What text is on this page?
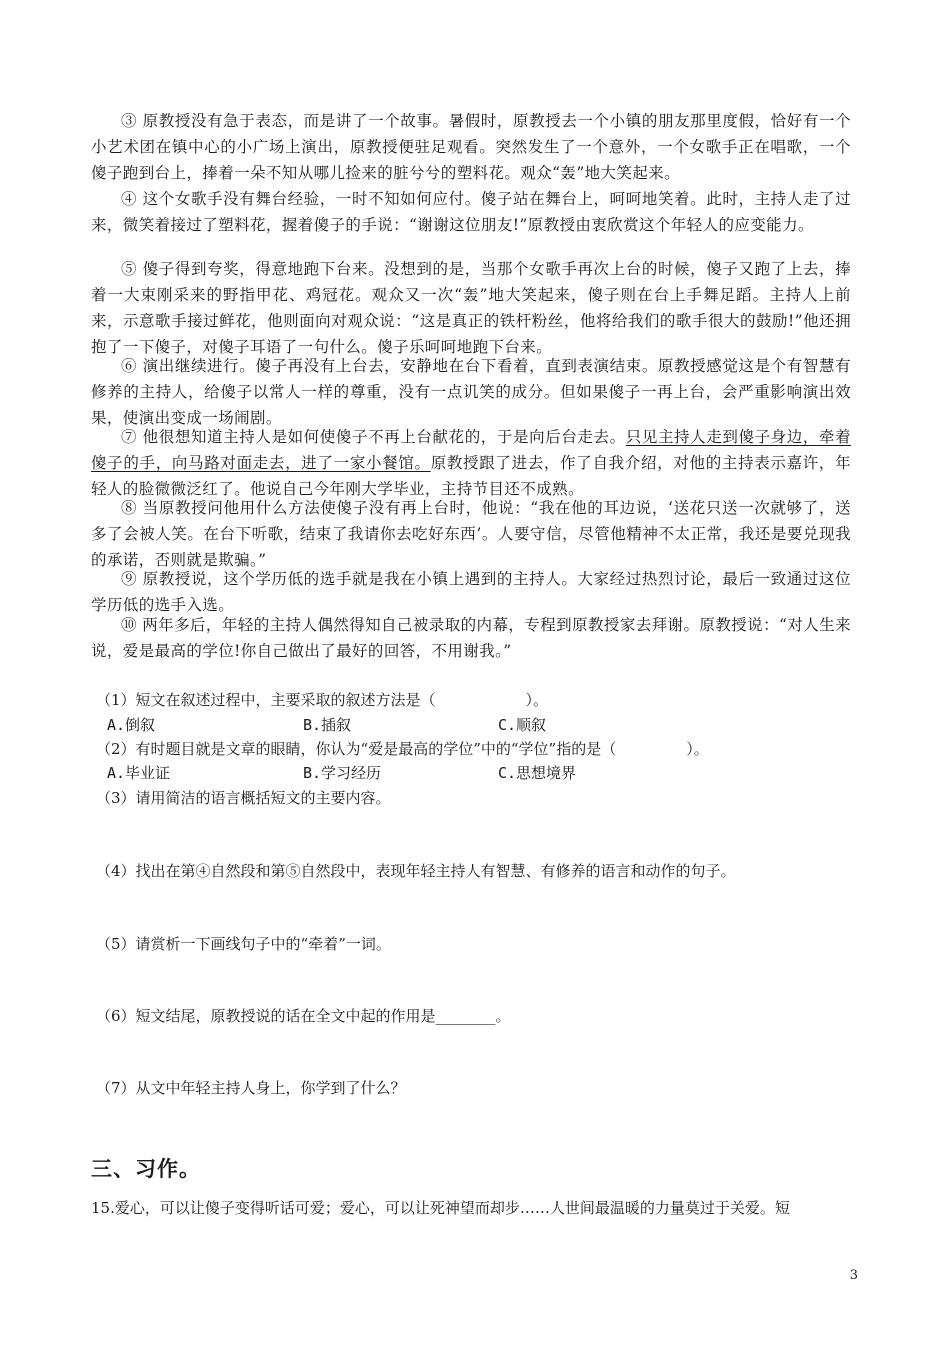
③ 原教授没有急于表态，而是讲了一个故事。暑假时，原教授去一个小镇的朋友那里度假，恰好有一个小艺术团在镇中心的小广场上演出，原教授便驻足观看。突然发生了一个意外，一个女歌手正在唱歌，一个傻子跑到台上，捧着一朵不知从哪儿捡来的脏兮兮的塑料花。观众“轰”地大笑起来。

④ 这个女歌手没有舞台经验，一时不知如何应付。傻子站在舞台上，呵呵地笑着。此时，主持人走了过来，微笑着接过了塑料花，握着傻子的手说：“谢谢这位朋友!”原教授由衷欣赏这个年轻人的应变能力。

⑤ 傻子得到夸奖，得意地跑下台来。没想到的是，当那个女歌手再次上台的时候，傻子又跑了上去，捧着一大束刚采来的野指甲花、鸡冠花。观众又一次“轰”地大笑起来，傻子则在台上手舞足蹈。主持人上前来，示意歌手接过鲜花，他则面向对观众说：“这是真正的铁杆粉丝，他将给我们的歌手很大的鼓励!”他还拥抱了一下傻子，对傻子耳语了一句什么。傻子乐呵呵地跑下台来。

⑥ 演出继续进行。傻子再没有上台去，安静地在台下看着，直到表演结束。原教授感觉这是个有智慧有修养的主持人，给傻子以常人一样的尊重，没有一点讥笑的成分。但如果傻子一再上台，会严重影响演出效果，使演出变成一场闹剧。

⑦ 他很想知道主持人是如何使傻子不再上台献花的，于是向后台走去。只见主持人走到傻子身边，牵着傻子的手，向马路对面走去，进了一家小餐馆。原教授跟了进去，作了自我介绍，对他的主持表示嘉许，年轻人的脸微微泛红了。他说自己今年刚大学毕业，主持节目还不成熟。

⑧ 当原教授问他用什么方法使傻子没有再上台时，他说：“我在他的耳边说，‘送花只送一次就够了，送多了会被人笑。在台下听歌，结束了我请你去吃好东西’。人要守信，尽管他精神不太正常，我还是要兑现我的承诺，否则就是欺骗。”

⑨ 原教授说，这个学历低的选手就是我在小镇上遇到的主持人。大家经过热烈讨论，最后一致通过这位学历低的选手入选。

⑩ 两年多后，年轻的主持人偶然得知自己被录取的内幕，专程到原教授家去拜谢。原教授说：“对人生来说，爱是最高的学位!你自己做出了最好的回答，不用谢我。”

（1）短文在叙述过程中，主要采取的叙述方法是（	）。

A.倒叙	B.插叙	C.顺叙

（2）有时题目就是文章的眼睛，你认为“爱是最高的学位”中的“学位”指的是（	）。

A.毕业证	B.学习经历	C.思想境界

（3）请用简洁的语言概括短文的主要内容。

（4）找出在第④自然段和第⑤自然段中，表现年轻主持人有智慧、有修养的语言和动作的句子。

（5）请赏析一下画线句子中的“牵着”一词。

（6）短文结尾，原教授说的话在全文中起的作用是________。

（7）从文中年轻主持人身上，你学到了什么？

三、习作。

15.爱心，可以让傻子变得听话可爱；爱心，可以让死神望而却步……人世间最温暖的力量莫过于关爱。短

3
